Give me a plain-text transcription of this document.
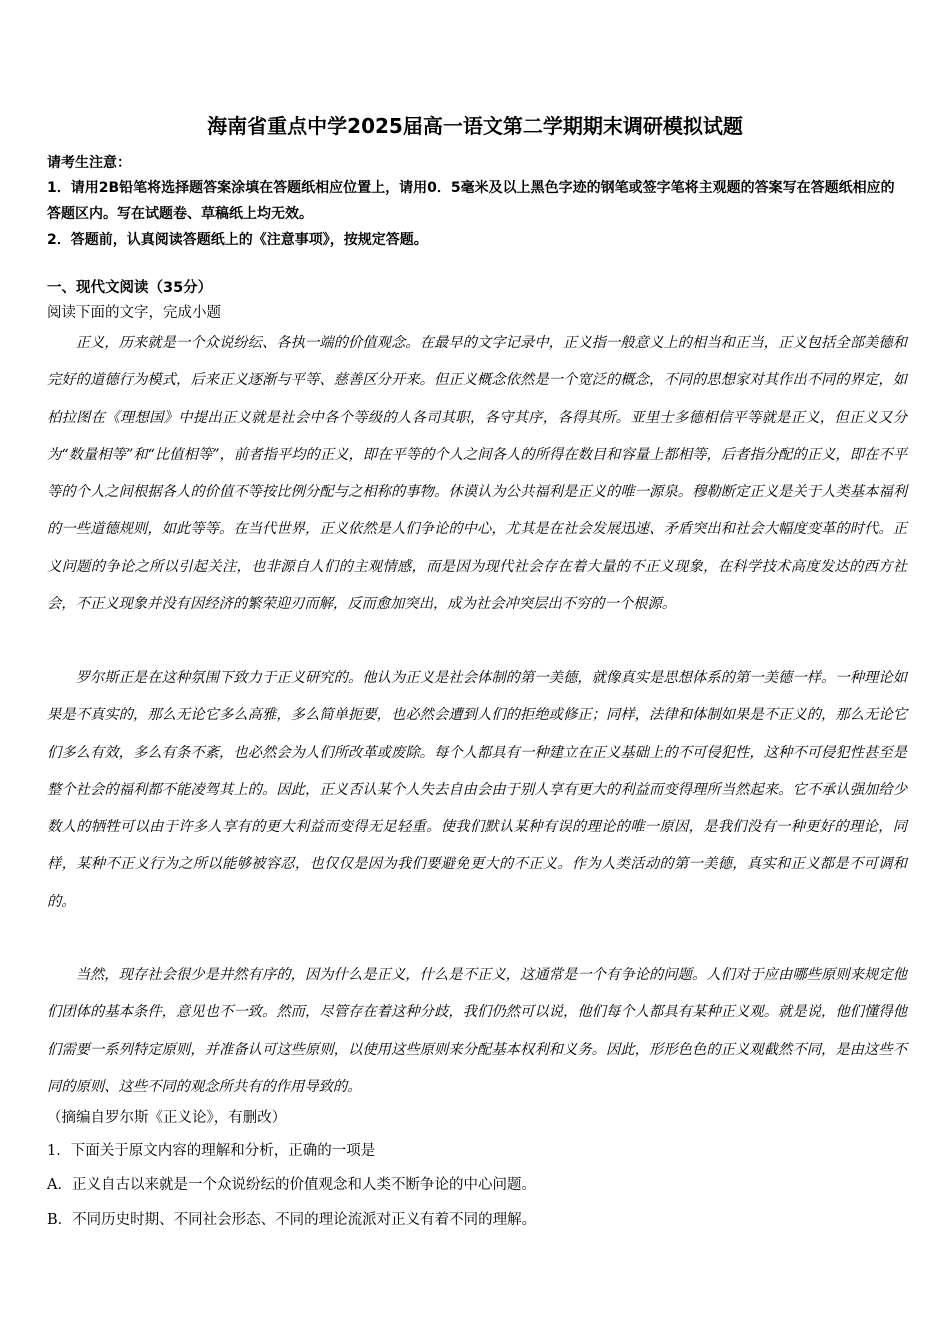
海南省重点中学2025届高一语文第二学期期末调研模拟试题
请考生注意：
1．请用2B铅笔将选择题答案涂填在答题纸相应位置上，请用0．5毫米及以上黑色字迹的钢笔或签字笔将主观题的答案写在答题纸相应的答题区内。写在试题卷、草稿纸上均无效。
2．答题前，认真阅读答题纸上的《注意事项》，按规定答题。
一、现代文阅读（35分）
阅读下面的文字，完成小题
正义，历来就是一个众说纷纭、各执一端的价值观念。在最早的文字记录中，正义指一般意义上的相当和正当，正义包括全部美德和完好的道德行为模式，后来正义逐渐与平等、慈善区分开来。但正义概念依然是一个宽泛的概念，不同的思想家对其作出不同的界定，如柏拉图在《理想国》中提出正义就是社会中各个等级的人各司其职，各守其序，各得其所。亚里士多德相信平等就是正义，但正义又分为“数量相等”和“比值相等”，前者指平均的正义，即在平等的个人之间各人的所得在数目和容量上都相等，后者指分配的正义，即在不平等的个人之间根据各人的价值不等按比例分配与之相称的事物。休谟认为公共福利是正义的唯一源泉。穆勒断定正义是关于人类基本福利的一些道德规则，如此等等。在当代世界，正义依然是人们争论的中心，尤其是在社会发展迅速、矛盾突出和社会大幅度变革的时代。正义问题的争论之所以引起关注，也非源自人们的主观情感，而是因为现代社会存在着大量的不正义现象，在科学技术高度发达的西方社会，不正义现象并没有因经济的繁荣迎刃而解，反而愈加突出，成为社会冲突层出不穷的一个根源。
罗尔斯正是在这种氛围下致力于正义研究的。他认为正义是社会体制的第一美德，就像真实是思想体系的第一美德一样。一种理论如果是不真实的，那么无论它多么高雅，多么简单扼要，也必然会遭到人们的拒绝或修正；同样，法律和体制如果是不正义的，那么无论它们多么有效，多么有条不紊，也必然会为人们所改革或废除。每个人都具有一种建立在正义基础上的不可侵犯性，这种不可侵犯性甚至是整个社会的福利都不能凌驾其上的。因此，正义否认某个人失去自由会由于别人享有更大的利益而变得理所当然起来。它不承认强加给少数人的牺牲可以由于许多人享有的更大利益而变得无足轻重。使我们默认某种有误的理论的唯一原因，是我们没有一种更好的理论，同样，某种不正义行为之所以能够被容忍，也仅仅是因为我们要避免更大的不正义。作为人类活动的第一美德，真实和正义都是不可调和的。
当然，现存社会很少是井然有序的，因为什么是正义，什么是不正义，这通常是一个有争论的问题。人们对于应由哪些原则来规定他们团体的基本条件，意见也不一致。然而，尽管存在着这种分歧，我们仍然可以说，他们每个人都具有某种正义观。就是说，他们懂得他们需要一系列特定原则，并准备认可这些原则，以使用这些原则来分配基本权利和义务。因此，形形色色的正义观截然不同，是由这些不同的原则、这些不同的观念所共有的作用导致的。
（摘编自罗尔斯《正义论》，有删改）
1．下面关于原文内容的理解和分析，正确的一项是
A．正义自古以来就是一个众说纷纭的价值观念和人类不断争论的中心问题。
B．不同历史时期、不同社会形态、不同的理论流派对正义有着不同的理解。
